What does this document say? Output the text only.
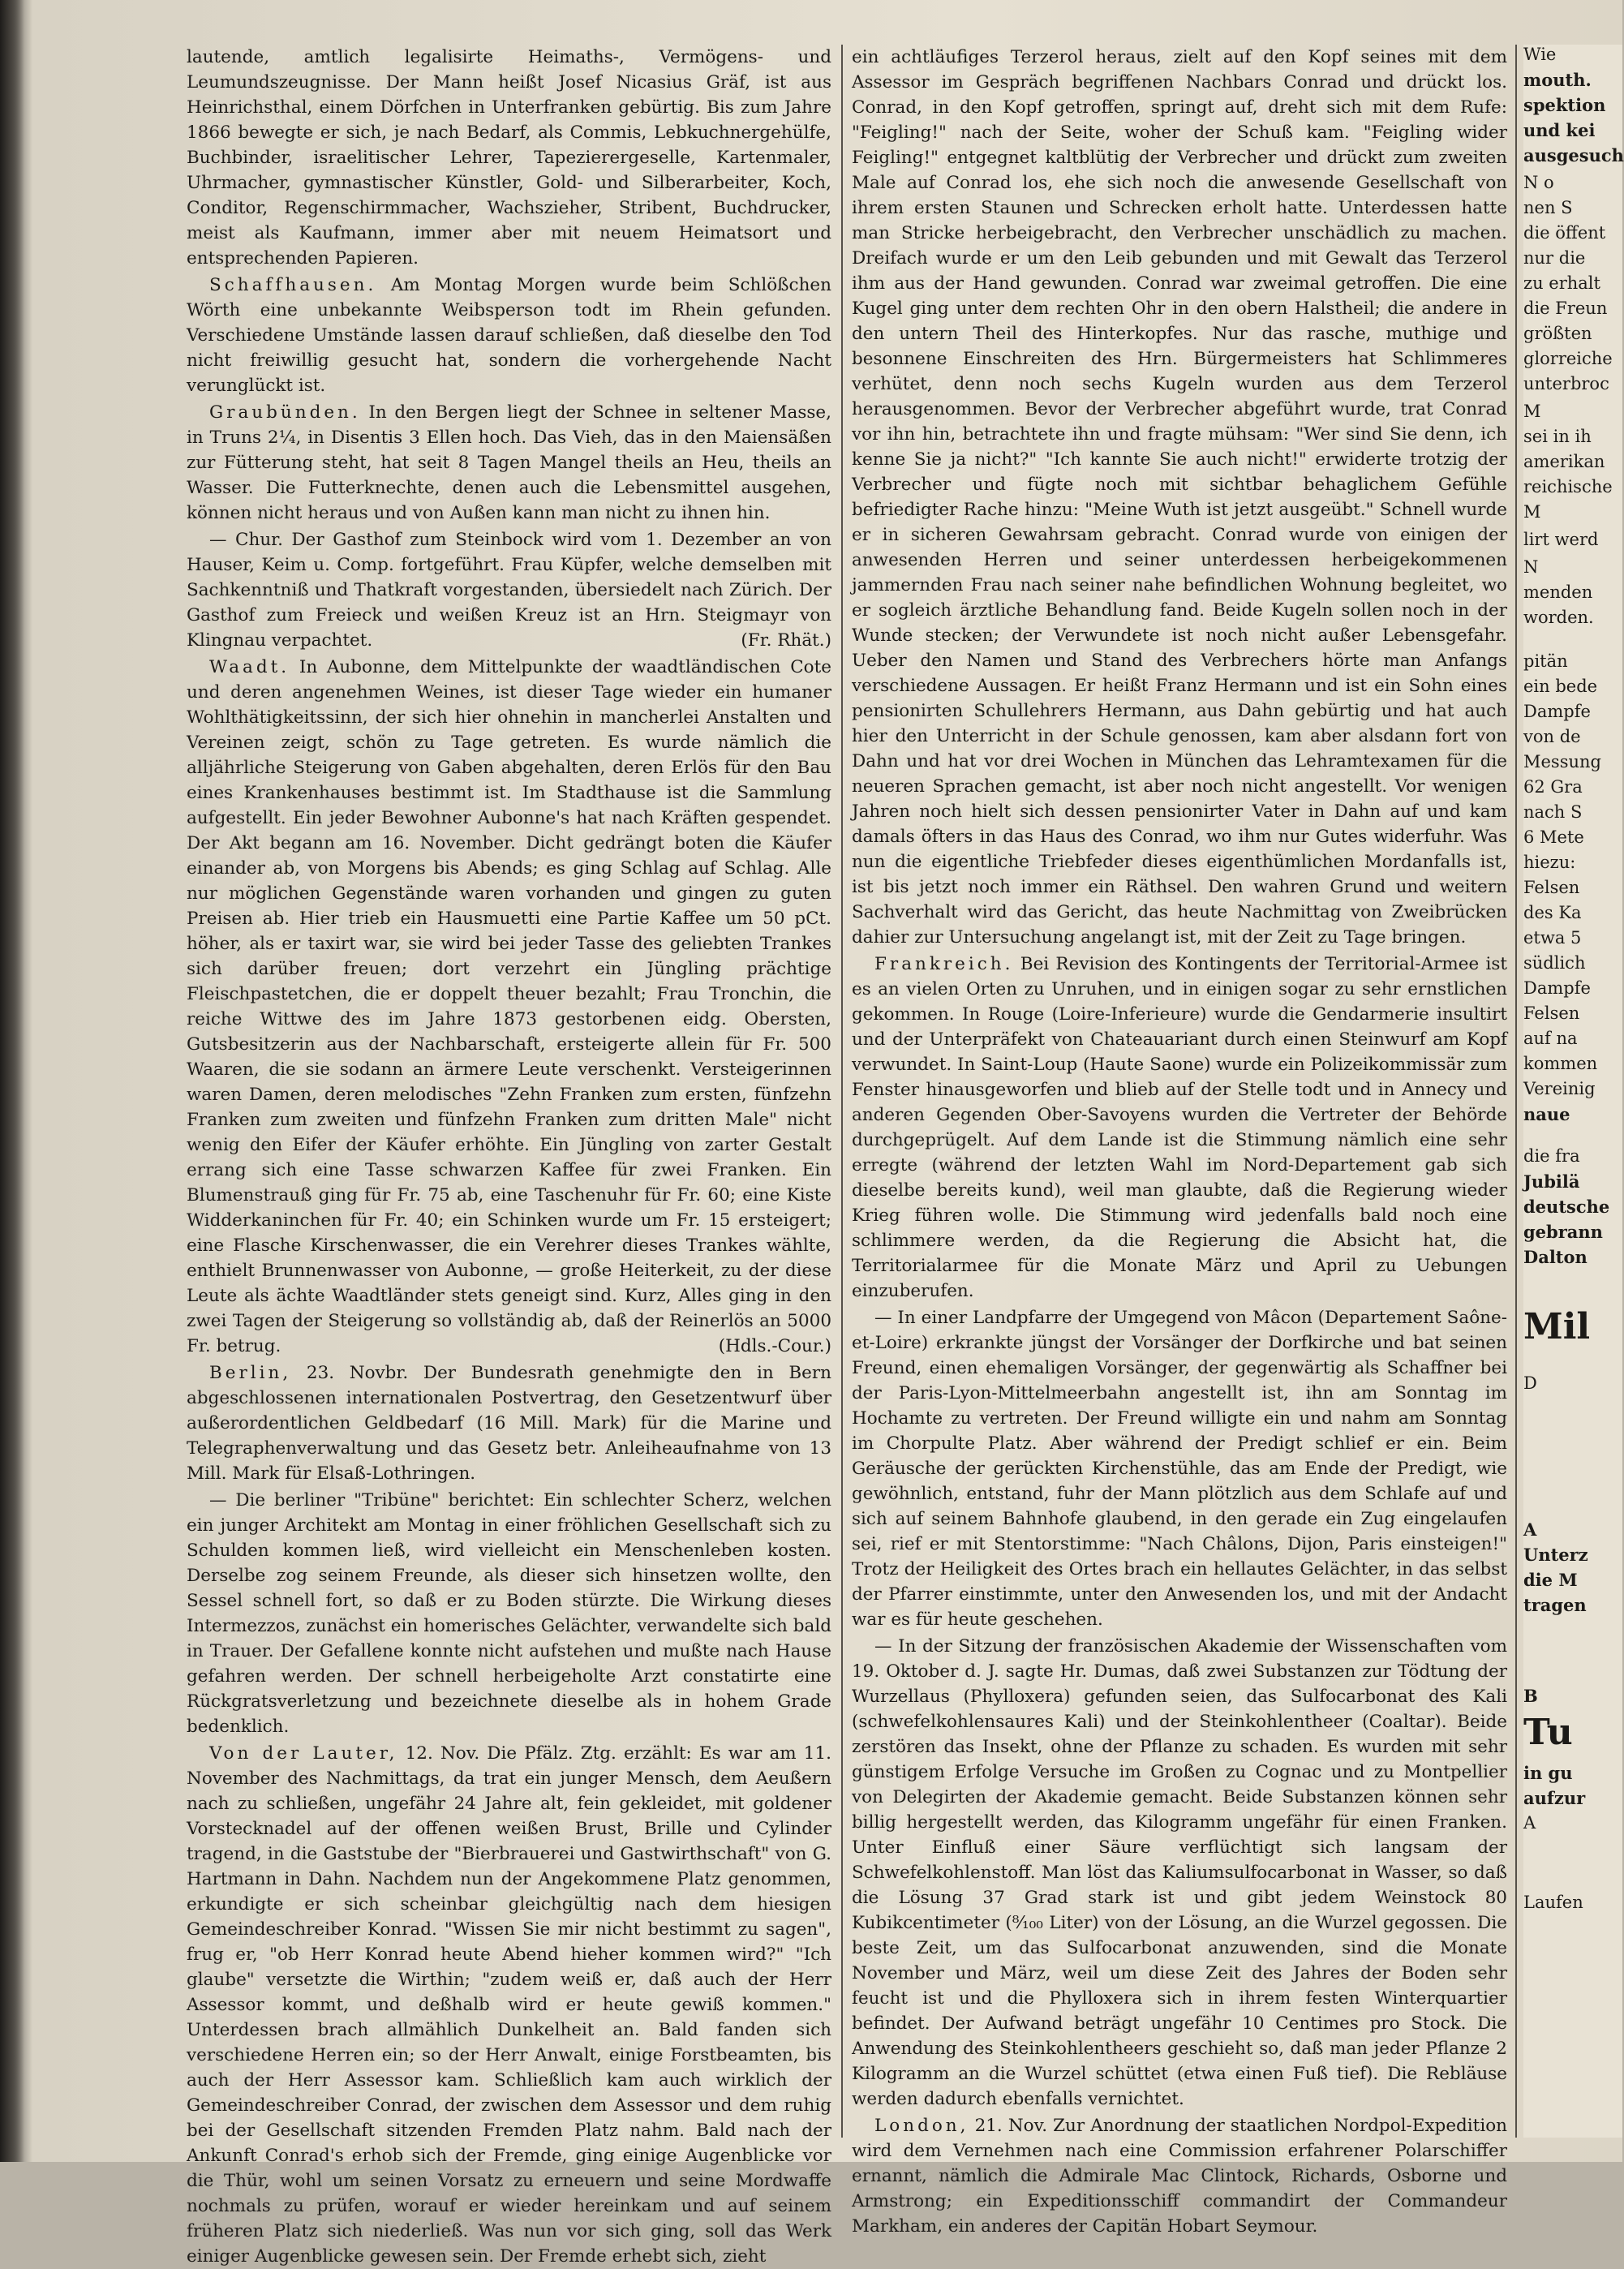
lautende, amtlich legalisirte Heimaths-, Vermögens- und Leumundszeugnisse. Der Mann heißt Josef Nicasius Gräf, ist aus Heinrichsthal, einem Dörfchen in Unterfranken gebürtig. Bis zum Jahre 1866 bewegte er sich, je nach Bedarf, als Commis, Lebkuchnergehülfe, Buchbinder, israelitischer Lehrer, Tapezierergeselle, Kartenmaler, Uhrmacher, gymnastischer Künstler, Gold- und Silberarbeiter, Koch, Conditor, Regenschirmmacher, Wachszieher, Stribent, Buchdrucker, meist als Kaufmann, immer aber mit neuem Heimatsort und entsprechenden Papieren.

Schaffhausen. Am Montag Morgen wurde beim Schlößchen Wörth eine unbekannte Weibsperson todt im Rhein gefunden. Verschiedene Umstände lassen darauf schließen, daß dieselbe den Tod nicht freiwillig gesucht hat, sondern die vorhergehende Nacht verunglückt ist.

Graubünden. In den Bergen liegt der Schnee in seltener Masse, in Truns 2¼, in Disentis 3 Ellen hoch. Das Vieh, das in den Maiensäßen zur Fütterung steht, hat seit 8 Tagen Mangel theils an Heu, theils an Wasser. Die Futterknechte, denen auch die Lebensmittel ausgehen, können nicht heraus und von Außen kann man nicht zu ihnen hin.

— Chur. Der Gasthof zum Steinbock wird vom 1. Dezember an von Hauser, Keim u. Comp. fortgeführt. Frau Küpfer, welche demselben mit Sachkenntniß und Thatkraft vorgestanden, übersiedelt nach Zürich. Der Gasthof zum Freieck und weißen Kreuz ist an Hrn. Steigmayr von Klingnau verpachtet.	(Fr. Rhät.)

Waadt. In Aubonne, dem Mittelpunkte der waadtländischen Cote und deren angenehmen Weines, ist dieser Tage wieder ein humaner Wohlthätigkeitssinn, der sich hier ohnehin in mancherlei Anstalten und Vereinen zeigt, schön zu Tage getreten. Es wurde nämlich die alljährliche Steigerung von Gaben abgehalten, deren Erlös für den Bau eines Krankenhauses bestimmt ist. Im Stadthause ist die Sammlung aufgestellt. Ein jeder Bewohner Aubonne's hat nach Kräften gespendet. Der Akt begann am 16. November. Dicht gedrängt boten die Käufer einander ab, von Morgens bis Abends; es ging Schlag auf Schlag. Alle nur möglichen Gegenstände waren vorhanden und gingen zu guten Preisen ab. Hier trieb ein Hausmuetti eine Partie Kaffee um 50 pCt. höher, als er taxirt war, sie wird bei jeder Tasse des geliebten Trankes sich darüber freuen; dort verzehrt ein Jüngling prächtige Fleischpastetchen, die er doppelt theuer bezahlt; Frau Tronchin, die reiche Wittwe des im Jahre 1873 gestorbenen eidg. Obersten, Gutsbesitzerin aus der Nachbarschaft, ersteigerte allein für Fr. 500 Waaren, die sie sodann an ärmere Leute verschenkt. Versteigerinnen waren Damen, deren melodisches "Zehn Franken zum ersten, fünfzehn Franken zum zweiten und fünfzehn Franken zum dritten Male" nicht wenig den Eifer der Käufer erhöhte. Ein Jüngling von zarter Gestalt errang sich eine Tasse schwarzen Kaffee für zwei Franken. Ein Blumenstrauß ging für Fr. 75 ab, eine Taschenuhr für Fr. 60; eine Kiste Widderkaninchen für Fr. 40; ein Schinken wurde um Fr. 15 ersteigert; eine Flasche Kirschenwasser, die ein Verehrer dieses Trankes wählte, enthielt Brunnenwasser von Aubonne, — große Heiterkeit, zu der diese Leute als ächte Waadtländer stets geneigt sind. Kurz, Alles ging in den zwei Tagen der Steigerung so vollständig ab, daß der Reinerlös an 5000 Fr. betrug.	(Hdls.-Cour.)

Berlin, 23. Novbr. Der Bundesrath genehmigte den in Bern abgeschlossenen internationalen Postvertrag, den Gesetzentwurf über außerordentlichen Geldbedarf (16 Mill. Mark) für die Marine und Telegraphenverwaltung und das Gesetz betr. Anleiheaufnahme von 13 Mill. Mark für Elsaß-Lothringen.

— Die berliner "Tribüne" berichtet: Ein schlechter Scherz, welchen ein junger Architekt am Montag in einer fröhlichen Gesellschaft sich zu Schulden kommen ließ, wird vielleicht ein Menschenleben kosten. Derselbe zog seinem Freunde, als dieser sich hinsetzen wollte, den Sessel schnell fort, so daß er zu Boden stürzte. Die Wirkung dieses Intermezzos, zunächst ein homerisches Gelächter, verwandelte sich bald in Trauer. Der Gefallene konnte nicht aufstehen und mußte nach Hause gefahren werden. Der schnell herbeigeholte Arzt constatirte eine Rückgratsverletzung und bezeichnete dieselbe als in hohem Grade bedenklich.

Von der Lauter, 12. Nov. Die Pfälz. Ztg. erzählt: Es war am 11. November des Nachmittags, da trat ein junger Mensch, dem Aeußern nach zu schließen, ungefähr 24 Jahre alt, fein gekleidet, mit goldener Vorstecknadel auf der offenen weißen Brust, Brille und Cylinder tragend, in die Gaststube der "Bierbrauerei und Gastwirthschaft" von G. Hartmann in Dahn. Nachdem nun der Angekommene Platz genommen, erkundigte er sich scheinbar gleichgültig nach dem hiesigen Gemeindeschreiber Konrad. "Wissen Sie mir nicht bestimmt zu sagen", frug er, "ob Herr Konrad heute Abend hieher kommen wird?" "Ich glaube" versetzte die Wirthin; "zudem weiß er, daß auch der Herr Assessor kommt, und deßhalb wird er heute gewiß kommen." Unterdessen brach allmählich Dunkelheit an. Bald fanden sich verschiedene Herren ein; so der Herr Anwalt, einige Forstbeamten, bis auch der Herr Assessor kam. Schließlich kam auch wirklich der Gemeindeschreiber Conrad, der zwischen dem Assessor und dem ruhig bei der Gesellschaft sitzenden Fremden Platz nahm. Bald nach der Ankunft Conrad's erhob sich der Fremde, ging einige Augenblicke vor die Thür, wohl um seinen Vorsatz zu erneuern und seine Mordwaffe nochmals zu prüfen, worauf er wieder hereinkam und auf seinem früheren Platz sich niederließ. Was nun vor sich ging, soll das Werk einiger Augenblicke gewesen sein. Der Fremde erhebt sich, zieht

ein achtläufiges Terzerol heraus, zielt auf den Kopf seines mit dem Assessor im Gespräch begriffenen Nachbars Conrad und drückt los. Conrad, in den Kopf getroffen, springt auf, dreht sich mit dem Rufe: "Feigling!" nach der Seite, woher der Schuß kam. "Feigling wider Feigling!" entgegnet kaltblütig der Verbrecher und drückt zum zweiten Male auf Conrad los, ehe sich noch die anwesende Gesellschaft von ihrem ersten Staunen und Schrecken erholt hatte. Unterdessen hatte man Stricke herbeigebracht, den Verbrecher unschädlich zu machen. Dreifach wurde er um den Leib gebunden und mit Gewalt das Terzerol ihm aus der Hand gewunden. Conrad war zweimal getroffen. Die eine Kugel ging unter dem rechten Ohr in den obern Halstheil; die andere in den untern Theil des Hinterkopfes. Nur das rasche, muthige und besonnene Einschreiten des Hrn. Bürgermeisters hat Schlimmeres verhütet, denn noch sechs Kugeln wurden aus dem Terzerol herausgenommen. Bevor der Verbrecher abgeführt wurde, trat Conrad vor ihn hin, betrachtete ihn und fragte mühsam: "Wer sind Sie denn, ich kenne Sie ja nicht?" "Ich kannte Sie auch nicht!" erwiderte trotzig der Verbrecher und fügte noch mit sichtbar behaglichem Gefühle befriedigter Rache hinzu: "Meine Wuth ist jetzt ausgeübt." Schnell wurde er in sicheren Gewahrsam gebracht. Conrad wurde von einigen der anwesenden Herren und seiner unterdessen herbeigekommenen jammernden Frau nach seiner nahe befindlichen Wohnung begleitet, wo er sogleich ärztliche Behandlung fand. Beide Kugeln sollen noch in der Wunde stecken; der Verwundete ist noch nicht außer Lebensgefahr. Ueber den Namen und Stand des Verbrechers hörte man Anfangs verschiedene Aussagen. Er heißt Franz Hermann und ist ein Sohn eines pensionirten Schullehrers Hermann, aus Dahn gebürtig und hat auch hier den Unterricht in der Schule genossen, kam aber alsdann fort von Dahn und hat vor drei Wochen in München das Lehramtexamen für die neueren Sprachen gemacht, ist aber noch nicht angestellt. Vor wenigen Jahren noch hielt sich dessen pensionirter Vater in Dahn auf und kam damals öfters in das Haus des Conrad, wo ihm nur Gutes widerfuhr. Was nun die eigentliche Triebfeder dieses eigenthümlichen Mordanfalls ist, ist bis jetzt noch immer ein Räthsel. Den wahren Grund und weitern Sachverhalt wird das Gericht, das heute Nachmittag von Zweibrücken dahier zur Untersuchung angelangt ist, mit der Zeit zu Tage bringen.

Frankreich. Bei Revision des Kontingents der Territorial-Armee ist es an vielen Orten zu Unruhen, und in einigen sogar zu sehr ernstlichen gekommen. In Rouge (Loire-Inferieure) wurde die Gendarmerie insultirt und der Unterpräfekt von Chateauariant durch einen Steinwurf am Kopf verwundet. In Saint-Loup (Haute Saone) wurde ein Polizeikommissär zum Fenster hinausgeworfen und blieb auf der Stelle todt und in Annecy und anderen Gegenden Ober-Savoyens wurden die Vertreter der Behörde durchgeprügelt. Auf dem Lande ist die Stimmung nämlich eine sehr erregte (während der letzten Wahl im Nord-Departement gab sich dieselbe bereits kund), weil man glaubte, daß die Regierung wieder Krieg führen wolle. Die Stimmung wird jedenfalls bald noch eine schlimmere werden, da die Regierung die Absicht hat, die Territorialarmee für die Monate März und April zu Uebungen einzuberufen.

— In einer Landpfarre der Umgegend von Mâcon (Departement Saône-et-Loire) erkrankte jüngst der Vorsänger der Dorfkirche und bat seinen Freund, einen ehemaligen Vorsänger, der gegenwärtig als Schaffner bei der Paris-Lyon-Mittelmeerbahn angestellt ist, ihn am Sonntag im Hochamte zu vertreten. Der Freund willigte ein und nahm am Sonntag im Chorpulte Platz. Aber während der Predigt schlief er ein. Beim Geräusche der gerückten Kirchenstühle, das am Ende der Predigt, wie gewöhnlich, entstand, fuhr der Mann plötzlich aus dem Schlafe auf und sich auf seinem Bahnhofe glaubend, in den gerade ein Zug eingelaufen sei, rief er mit Stentorstimme: "Nach Châlons, Dijon, Paris einsteigen!" Trotz der Heiligkeit des Ortes brach ein hellautes Gelächter, in das selbst der Pfarrer einstimmte, unter den Anwesenden los, und mit der Andacht war es für heute geschehen.

— In der Sitzung der französischen Akademie der Wissenschaften vom 19. Oktober d. J. sagte Hr. Dumas, daß zwei Substanzen zur Tödtung der Wurzellaus (Phylloxera) gefunden seien, das Sulfocarbonat des Kali (schwefelkohlensaures Kali) und der Steinkohlentheer (Coaltar). Beide zerstören das Insekt, ohne der Pflanze zu schaden. Es wurden mit sehr günstigem Erfolge Versuche im Großen zu Cognac und zu Montpellier von Delegirten der Akademie gemacht. Beide Substanzen können sehr billig hergestellt werden, das Kilogramm ungefähr für einen Franken. Unter Einfluß einer Säure verflüchtigt sich langsam der Schwefelkohlenstoff. Man löst das Kaliumsulfocarbonat in Wasser, so daß die Lösung 37 Grad stark ist und gibt jedem Weinstock 80 Kubikcentimeter (⁸⁄₁₀₀ Liter) von der Lösung, an die Wurzel gegossen. Die beste Zeit, um das Sulfocarbonat anzuwenden, sind die Monate November und März, weil um diese Zeit des Jahres der Boden sehr feucht ist und die Phylloxera sich in ihrem festen Winterquartier befindet. Der Aufwand beträgt ungefähr 10 Centimes pro Stock. Die Anwendung des Steinkohlentheers geschieht so, daß man jeder Pflanze 2 Kilogramm an die Wurzel schüttet (etwa einen Fuß tief). Die Rebläuse werden dadurch ebenfalls vernichtet.

London, 21. Nov. Zur Anordnung der staatlichen Nordpol-Expedition wird dem Vernehmen nach eine Commission erfahrener Polarschiffer ernannt, nämlich die Admirale Mac Clintock, Richards, Osborne und Armstrong; ein Expeditionsschiff commandirt der Commandeur Markham, ein anderes der Capitän Hobart Seymour.

Wie
mouth.
spektion
und kei
ausgesuch
N o
nen S
die öffent
nur die
zu erhalt
die Freun
größten
glorreiche
unterbroc
M
sei in ih
amerikan
reichische
M
lirt werd
N
menden
worden.
pitän
ein bede
Dampfe
von de
Messung
62 Gra
nach S
6 Mete
hiezu:
Felsen
des Ka
etwa 5
südlich
Dampfe
Felsen
auf na
kommen
Vereinig
naue
die fra
Jubilä
deutsche
gebrann
Dalton
Mil
D
A
Unterz
die M
tragen
B
Tu
in gu
aufzur
A
Laufen
